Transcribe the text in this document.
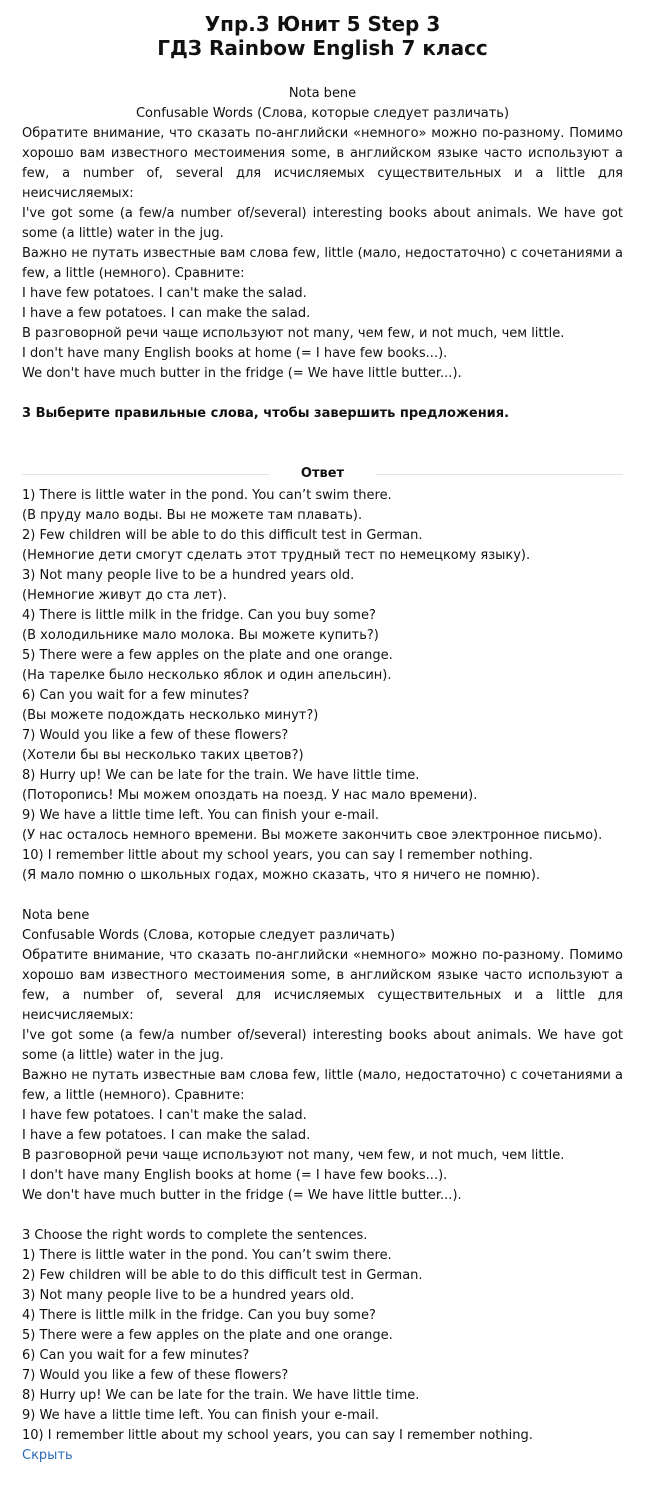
Упр.3 Юнит 5 Step 3
ГДЗ Rainbow English 7 класс
Nota bene
Confusable Words (Слова, которые следует различать)
Обратите внимание, что сказать по-английски «немного» можно по-разному. Помимо хорошо вам известного местоимения some, в английском языке часто используют a few, a number of, several для исчисляемых существительных и a little для неисчисляемых:
I've got some (a few/a number of/several) interesting books about animals. We have got some (a little) water in the jug.
Важно не путать известные вам слова few, little (мало, недостаточно) с сочетаниями a few, a little (немного). Сравните:
I have few potatoes. I can't make the salad.
I have a few potatoes. I can make the salad.
В разговорной речи чаще используют not many, чем few, и not much, чем little.
I don't have many English books at home (= I have few books...).
We don't have much butter in the fridge (= We have little butter...).
3 Выберите правильные слова, чтобы завершить предложения.
Ответ
1) There is little water in the pond. You can’t swim there.
(В пруду мало воды. Вы не можете там плавать).
2) Few children will be able to do this difficult test in German.
(Немногие дети смогут сделать этот трудный тест по немецкому языку).
3) Not many people live to be a hundred years old.
(Немногие живут до ста лет).
4) There is little milk in the fridge. Can you buy some?
(В холодильнике мало молока. Вы можете купить?)
5) There were a few apples on the plate and one orange.
(На тарелке было несколько яблок и один апельсин).
6) Can you wait for a few minutes?
(Вы можете подождать несколько минут?)
7) Would you like a few of these flowers?
(Хотели бы вы несколько таких цветов?)
8) Hurry up! We can be late for the train. We have little time.
(Потoропись! Мы можем опоздать на поезд. У нас мало времени).
9) We have a little time left. You can finish your e-mail.
(У нас осталось немного времени. Вы можете закончить свое электронное письмо).
10) I remember little about my school years, you can say I remember nothing.
(Я мало помню о школьных годах, можно сказать, что я ничего не помню).
Nota bene
Confusable Words (Слова, которые следует различать)
Обратите внимание, что сказать по-английски «немного» можно по-разному. Помимо хорошо вам известного местоимения some, в английском языке часто используют a few, a number of, several для исчисляемых существительных и a little для неисчисляемых:
I've got some (a few/a number of/several) interesting books about animals. We have got some (a little) water in the jug.
Важно не путать известные вам слова few, little (мало, недостаточно) с сочетаниями a few, a little (немного). Сравните:
I have few potatoes. I can't make the salad.
I have a few potatoes. I can make the salad.
В разговорной речи чаще используют not many, чем few, и not much, чем little.
I don't have many English books at home (= I have few books...).
We don't have much butter in the fridge (= We have little butter...).
3 Choose the right words to complete the sentences.
1) There is little water in the pond. You can’t swim there.
2) Few children will be able to do this difficult test in German.
3) Not many people live to be a hundred years old.
4) There is little milk in the fridge. Can you buy some?
5) There were a few apples on the plate and one orange.
6) Can you wait for a few minutes?
7) Would you like a few of these flowers?
8) Hurry up! We can be late for the train. We have little time.
9) We have a little time left. You can finish your e-mail.
10) I remember little about my school years, you can say I remember nothing.
Скрыть
